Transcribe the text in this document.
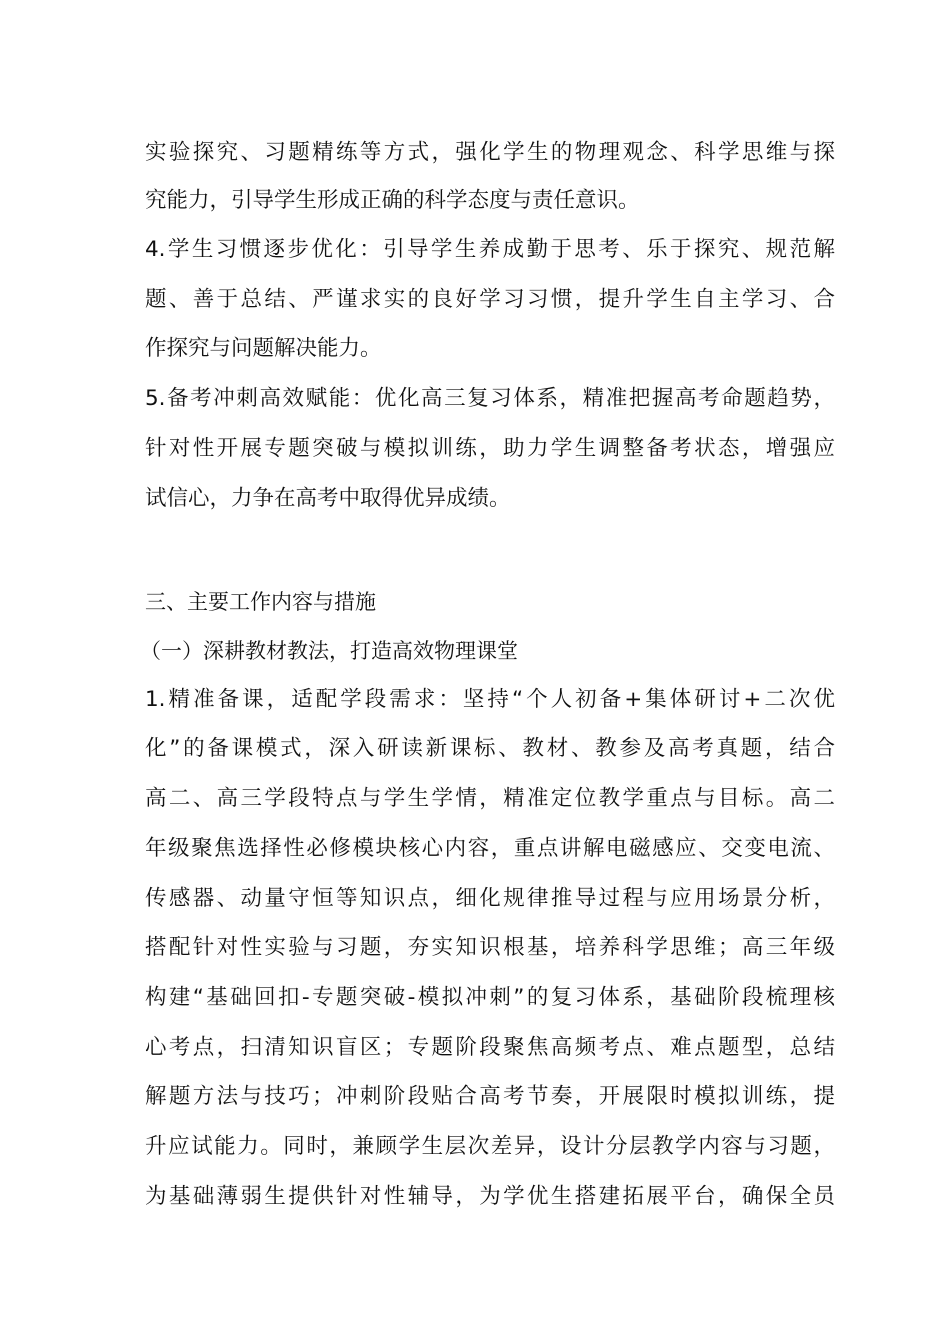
实验探究、习题精练等方式，强化学生的物理观念、科学思维与探
究能力，引导学生形成正确的科学态度与责任意识。
4.学生习惯逐步优化：引导学生养成勤于思考、乐于探究、规范解
题、善于总结、严谨求实的良好学习习惯，提升学生自主学习、合
作探究与问题解决能力。
5.备考冲刺高效赋能：优化高三复习体系，精准把握高考命题趋势，
针对性开展专题突破与模拟训练，助力学生调整备考状态，增强应
试信心，力争在高考中取得优异成绩。
三、主要工作内容与措施
（一）深耕教材教法，打造高效物理课堂
1.精准备课，适配学段需求：坚持“个人初备+集体研讨+二次优
化”的备课模式，深入研读新课标、教材、教参及高考真题，结合
高二、高三学段特点与学生学情，精准定位教学重点与目标。高二
年级聚焦选择性必修模块核心内容，重点讲解电磁感应、交变电流、
传感器、动量守恒等知识点，细化规律推导过程与应用场景分析，
搭配针对性实验与习题，夯实知识根基，培养科学思维；高三年级
构建“基础回扣-专题突破-模拟冲刺”的复习体系，基础阶段梳理核
心考点，扫清知识盲区；专题阶段聚焦高频考点、难点题型，总结
解题方法与技巧；冲刺阶段贴合高考节奏，开展限时模拟训练，提
升应试能力。同时，兼顾学生层次差异，设计分层教学内容与习题，
为基础薄弱生提供针对性辅导，为学优生搭建拓展平台，确保全员
